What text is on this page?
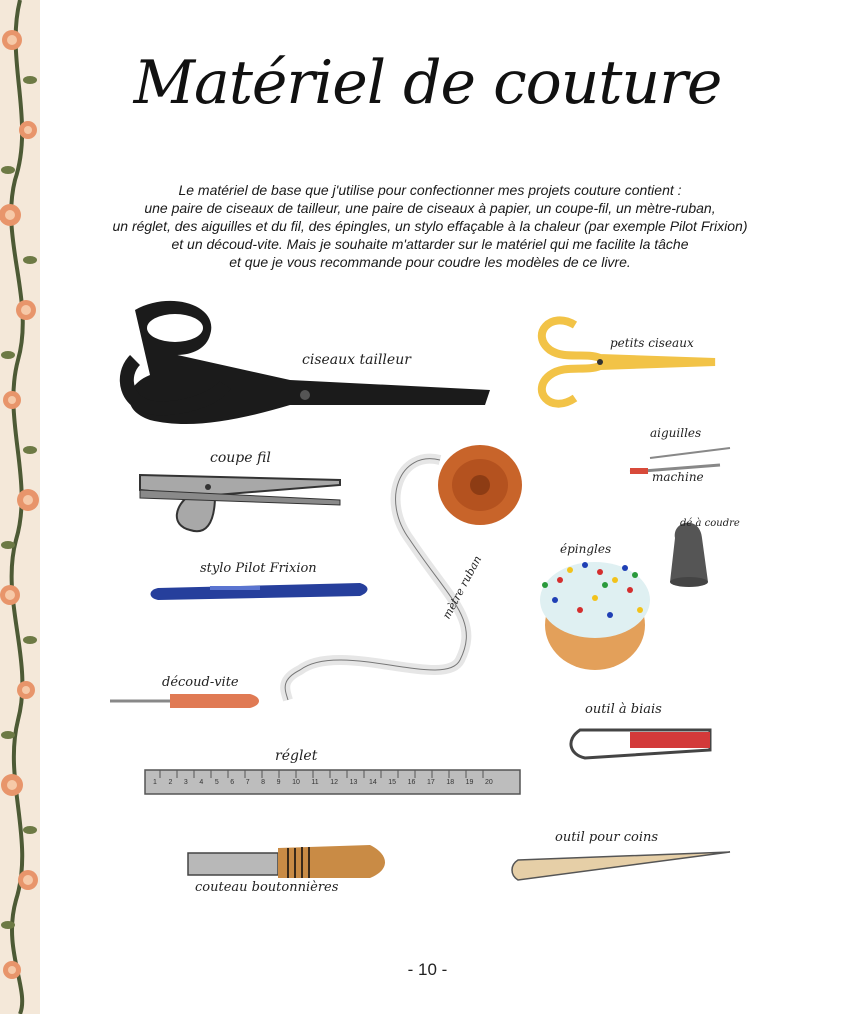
Matériel de couture
Le matériel de base que j'utilise pour confectionner mes projets couture contient :
une paire de ciseaux de tailleur, une paire de ciseaux à papier, un coupe-fil, un mètre-ruban,
un réglet, des aiguilles et du fil, des épingles, un stylo effaçable à la chaleur (par exemple Pilot Frixion)
et un découd-vite. Mais je souhaite m'attarder sur le matériel qui me facilite la tâche
et que je vous recommande pour coudre les modèles de ce livre.
1 2 3 4 5 6 7 8 9 10 11 12 13 14 15 16 17 18 19 20
ciseaux tailleur
petits ciseaux
aiguilles
machine
coupe fil
stylo Pilot Frixion
épingles
dé à coudre
mètre ruban
découd-vite
outil à biais
réglet
outil pour coins
couteau boutonnières
- 10 -
